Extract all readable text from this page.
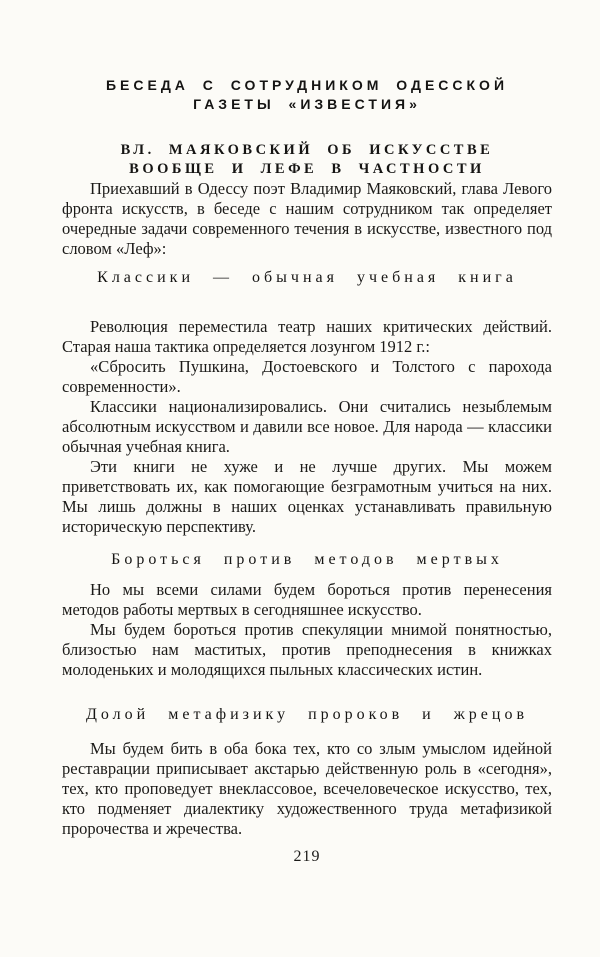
БЕСЕДА С СОТРУДНИКОМ ОДЕССКОЙ
ГАЗЕТЫ «ИЗВЕСТИЯ»
ВЛ. МАЯКОВСКИЙ ОБ ИСКУССТВЕ
ВООБЩЕ И ЛЕФЕ В ЧАСТНОСТИ

Приехавший в Одессу поэт Владимир Маяковский, глава Левого фронта искусств, в беседе с нашим сотрудником так определяет очередные задачи современного течения в искусстве, известного под словом «Леф»:

Классики — обычная учебная книга

Революция переместила театр наших критических действий. Старая наша тактика определяется лозунгом 1912 г.:

«Сбросить Пушкина, Достоевского и Толстого с парохода современности».

Классики национализировались. Они считались незыблемым абсолютным искусством и давили все новое. Для народа — классики обычная учебная книга.

Эти книги не хуже и не лучше других. Мы можем приветствовать их, как помогающие безграмотным учиться на них. Мы лишь должны в наших оценках устанавливать правильную историческую перспективу.

Бороться против методов мертвых

Но мы всеми силами будем бороться против перенесения методов работы мертвых в сегодняшнее искусство.

Мы будем бороться против спекуляции мнимой понятностью, близостью нам маститых, против преподнесения в книжках молоденьких и молодящихся пыльных классических истин.

Долой метафизику пророков и жрецов

Мы будем бить в оба бока тех, кто со злым умыслом идейной реставрации приписывает акстарью действенную роль в «сегодня», тех, кто проповедует внеклассовое, всечеловеческое искусство, тех, кто подменяет диалектику художественного труда метафизикой пророчества и жречества.

219
